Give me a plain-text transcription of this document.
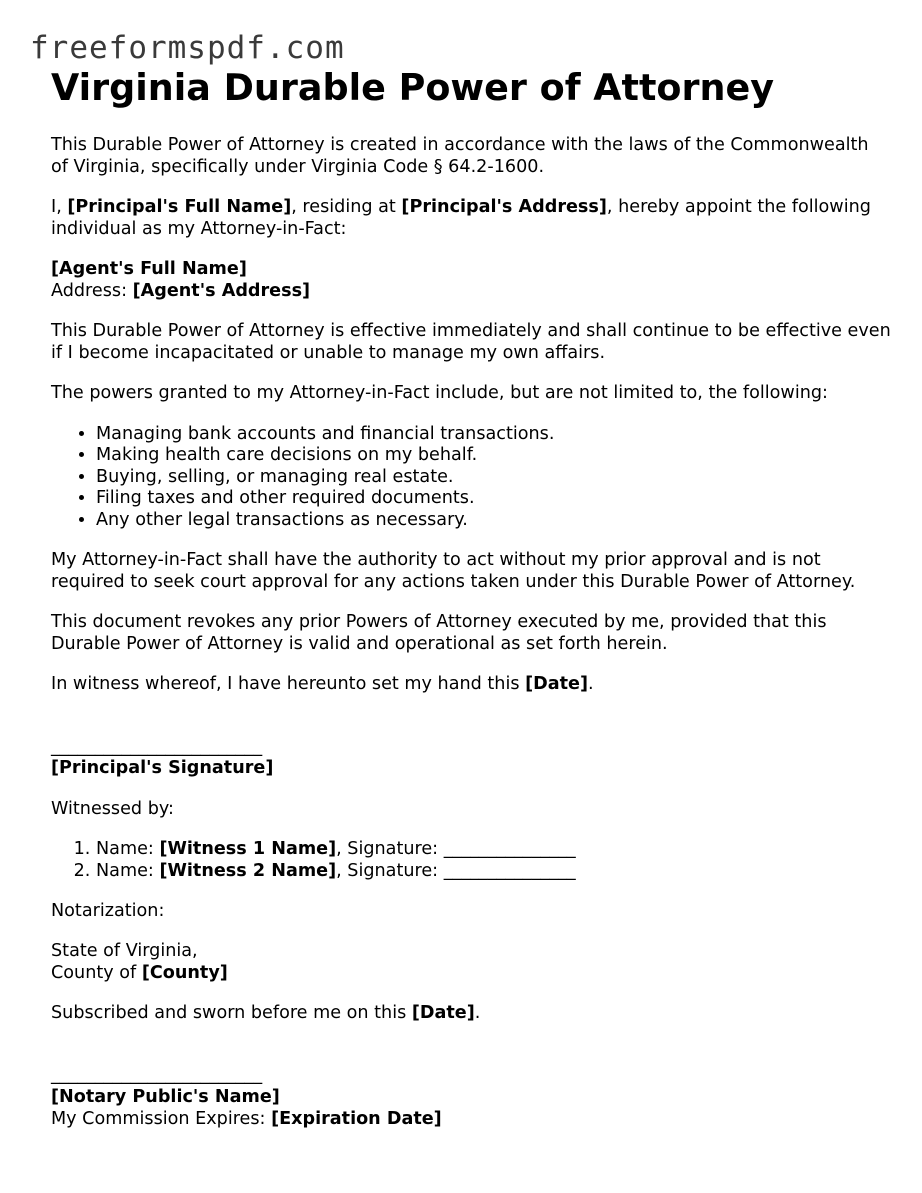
freeformspdf.com
Virginia Durable Power of Attorney

This Durable Power of Attorney is created in accordance with the laws of the Commonwealth of Virginia, specifically under Virginia Code § 64.2-1600.

I, [Principal's Full Name], residing at [Principal's Address], hereby appoint the following individual as my Attorney-in-Fact:

[Agent's Full Name]
Address: [Agent's Address]

This Durable Power of Attorney is effective immediately and shall continue to be effective even if I become incapacitated or unable to manage my own affairs.

The powers granted to my Attorney-in-Fact include, but are not limited to, the following:

• Managing bank accounts and financial transactions.
• Making health care decisions on my behalf.
• Buying, selling, or managing real estate.
• Filing taxes and other required documents.
• Any other legal transactions as necessary.

My Attorney-in-Fact shall have the authority to act without my prior approval and is not required to seek court approval for any actions taken under this Durable Power of Attorney.

This document revokes any prior Powers of Attorney executed by me, provided that this Durable Power of Attorney is valid and operational as set forth herein.

In witness whereof, I have hereunto set my hand this [Date].

________________________
[Principal's Signature]

Witnessed by:

1. Name: [Witness 1 Name], Signature: _______________
2. Name: [Witness 2 Name], Signature: _______________

Notarization:

State of Virginia,
County of [County]

Subscribed and sworn before me on this [Date].

________________________
[Notary Public's Name]
My Commission Expires: [Expiration Date]
